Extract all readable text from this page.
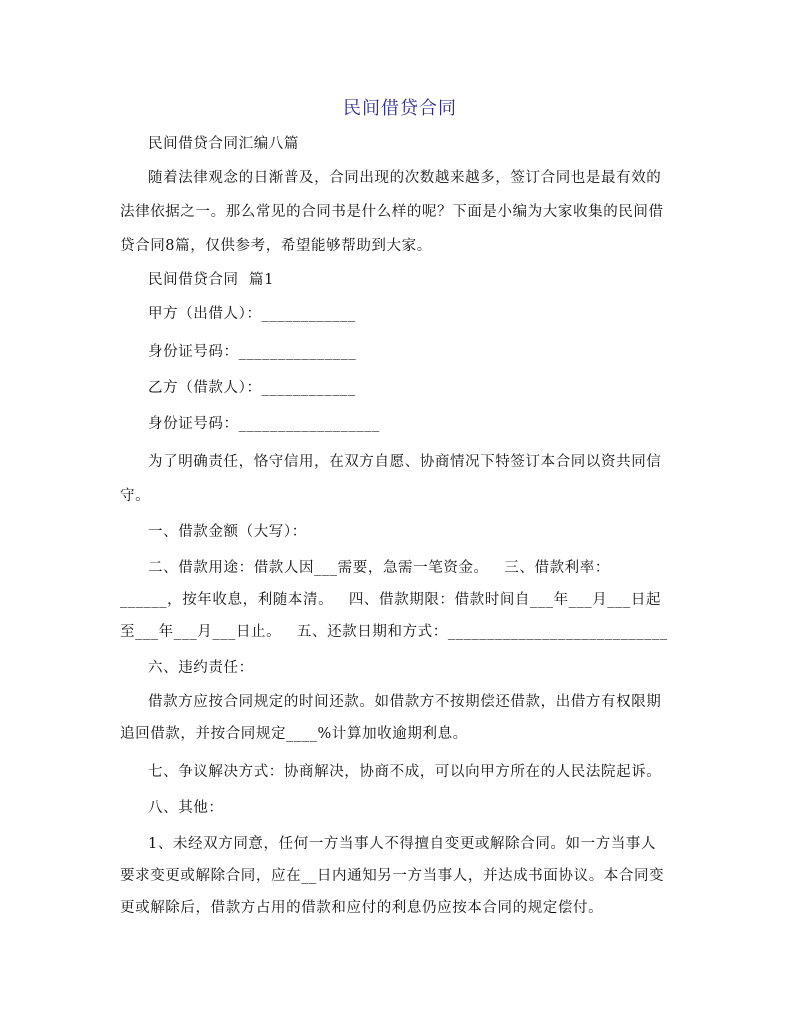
民间借贷合同
民间借贷合同汇编八篇
随着法律观念的日渐普及，合同出现的次数越来越多，签订合同也是最有效的
法律依据之一。那么常见的合同书是什么样的呢？下面是小编为大家收集的民间借
贷合同8篇，仅供参考，希望能够帮助到大家。
民间借贷合同  篇1
甲方（出借人）：____________
身份证号码：_______________
乙方（借款人）：____________
身份证号码：__________________
为了明确责任，恪守信用，在双方自愿、协商情况下特签订本合同以资共同信
守。
一、借款金额（大写）：
二、借款用途：借款人因___需要，急需一笔资金。   三、借款利率：
______，按年收息，利随本清。   四、借款期限：借款时间自___年___月___日起
至___年___月___日止。   五、还款日期和方式：____________________________
六、违约责任：
借款方应按合同规定的时间还款。如借款方不按期偿还借款，出借方有权限期
追回借款，并按合同规定____%计算加收逾期利息。
七、争议解决方式：协商解决，协商不成，可以向甲方所在的人民法院起诉。
八、其他：
1、未经双方同意，任何一方当事人不得擅自变更或解除合同。如一方当事人
要求变更或解除合同，应在__日内通知另一方当事人，并达成书面协议。本合同变
更或解除后，借款方占用的借款和应付的利息仍应按本合同的规定偿付。
